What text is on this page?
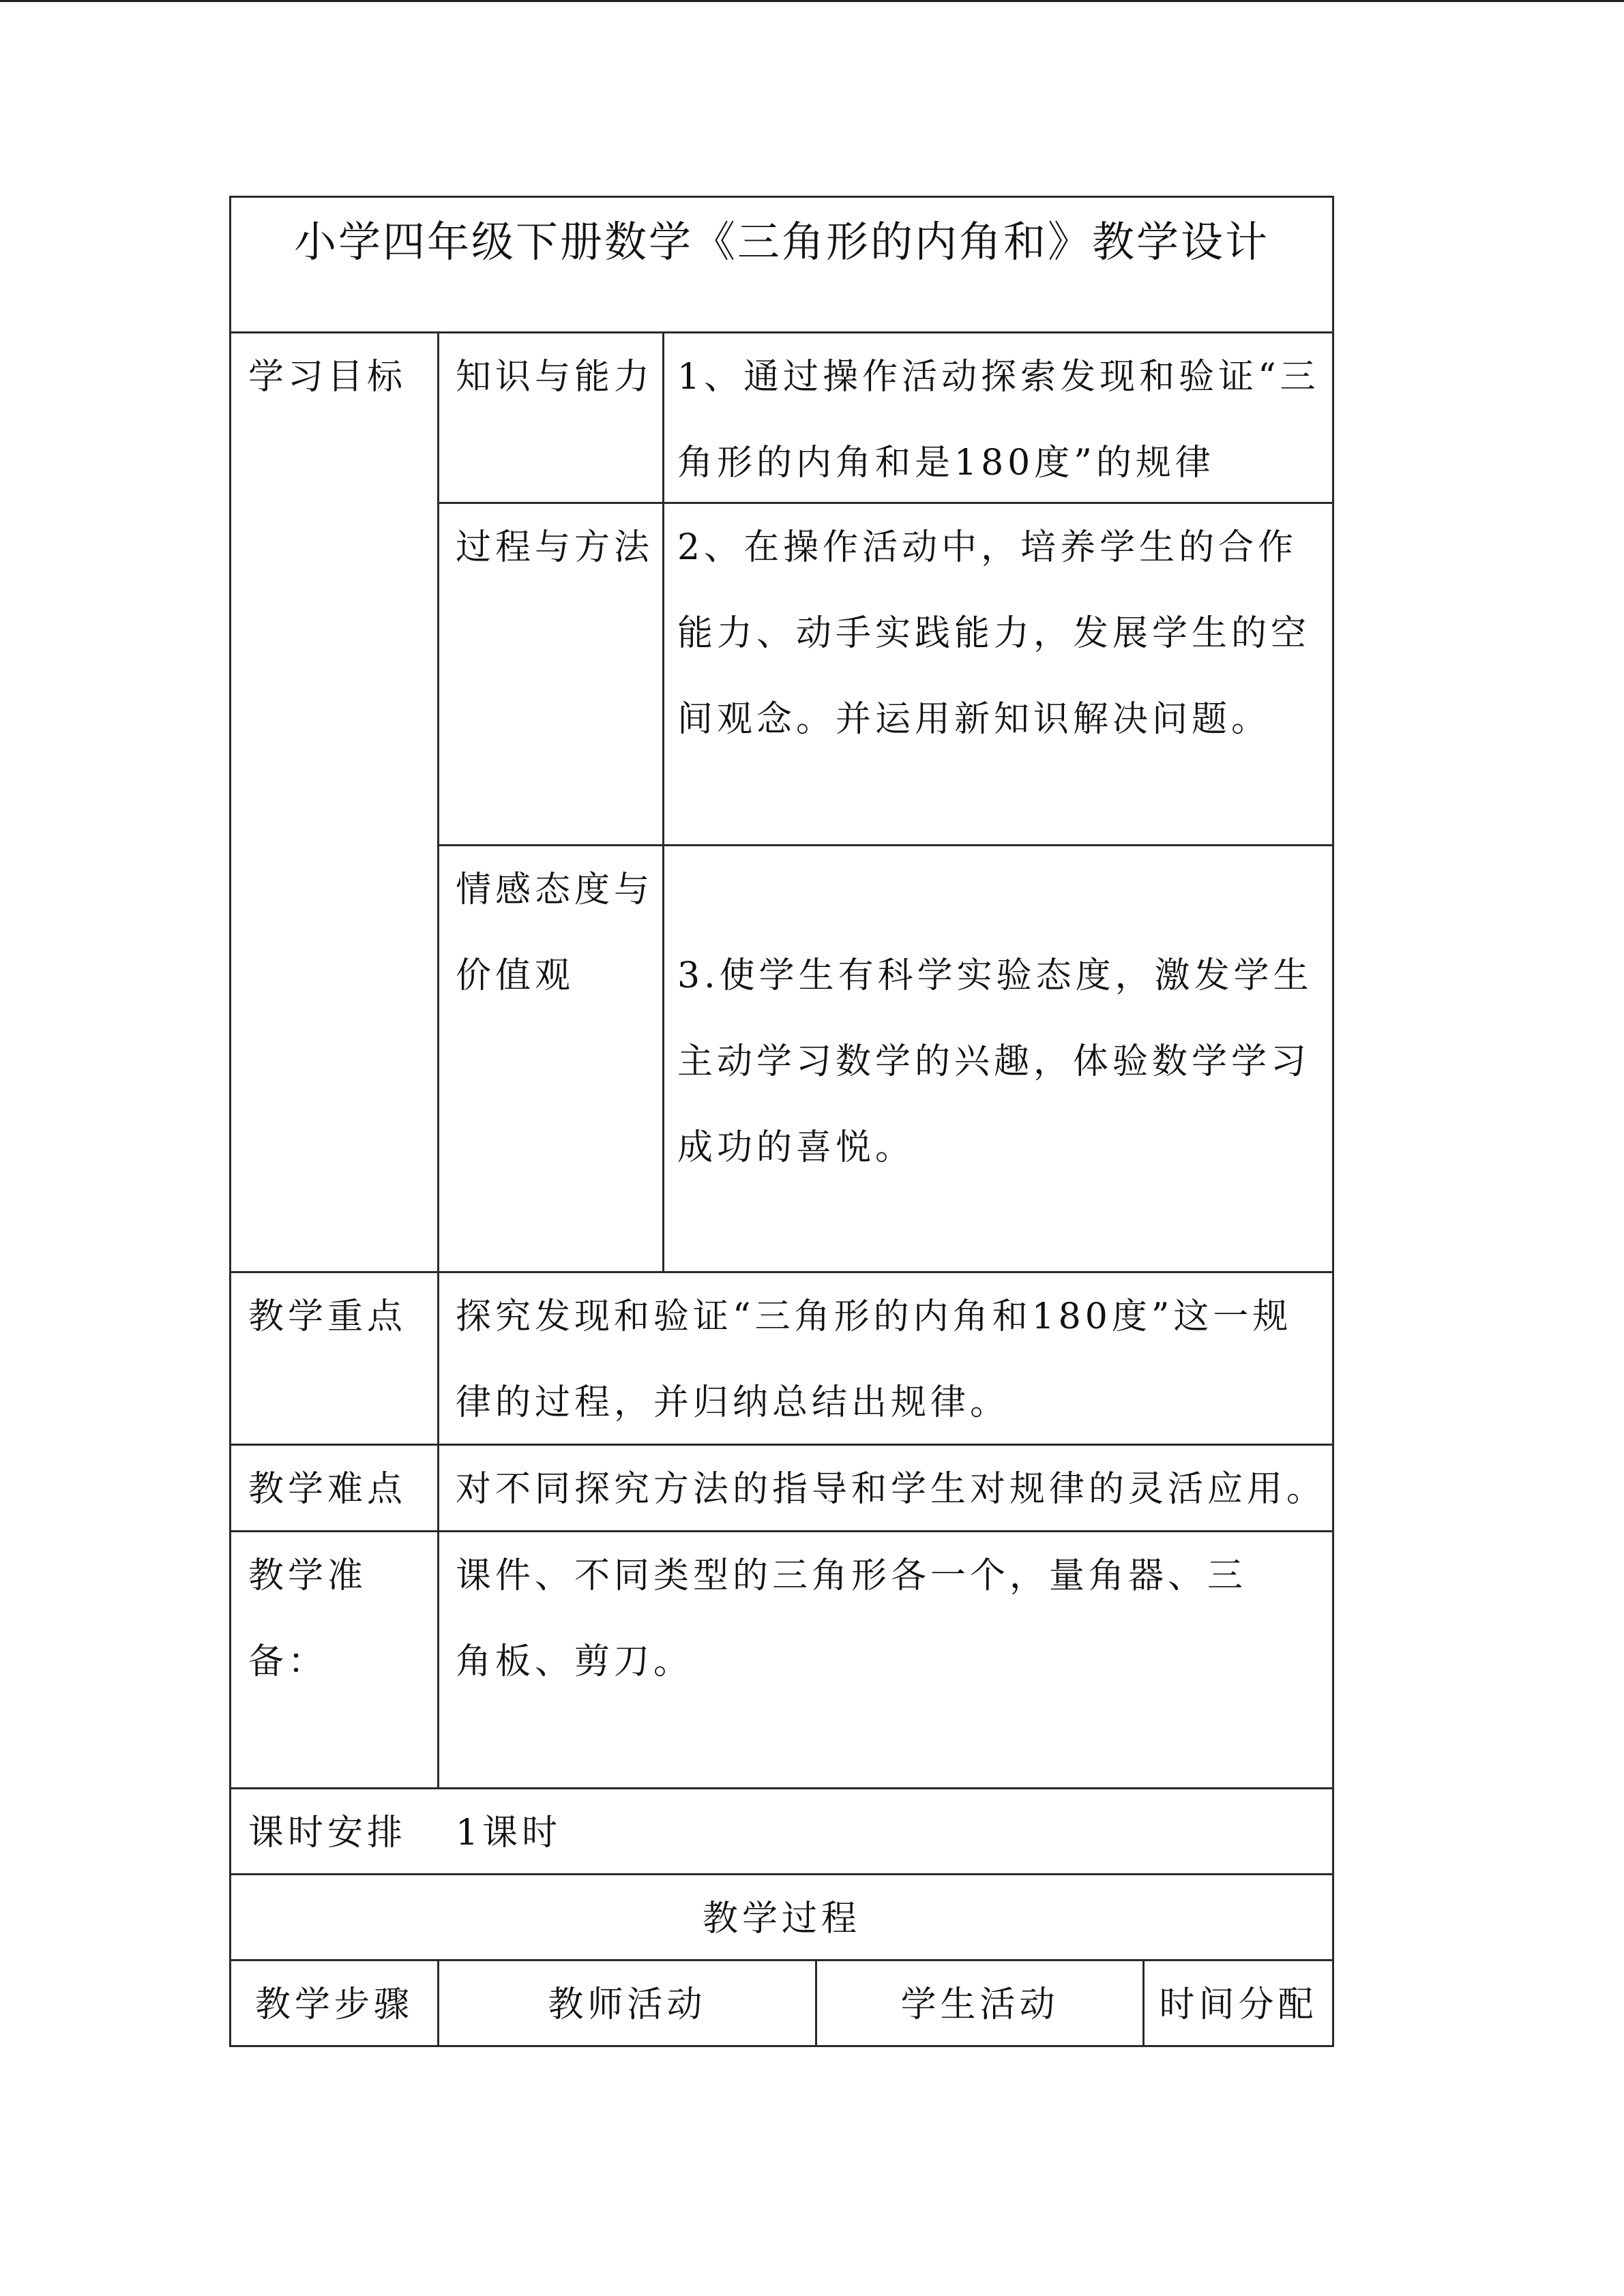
小学四年级下册数学《三角形的内角和》教学设计
学习目标	知识与能力 1、通过操作活动探索发现和验证“三角形的内角和是180度”的规律
过程与方法 2、在操作活动中，培养学生的合作能力、动手实践能力，发展学生的空间观念。并运用新知识解决问题。
情感态度与价值观	3.使学生有科学实验态度，激发学生主动学习数学的兴趣，体验数学学习成功的喜悦。
教学重点	探究发现和验证“三角形的内角和180度”这一规律的过程，并归纳总结出规律。
教学难点	对不同探究方法的指导和学生对规律的灵活应用。
教学准备：
课件、不同类型的三角形各一个，量角器、三角板、剪刀。
课时安排	1课时
教学过程
教学步骤	教师活动	学生活动	时间分配
